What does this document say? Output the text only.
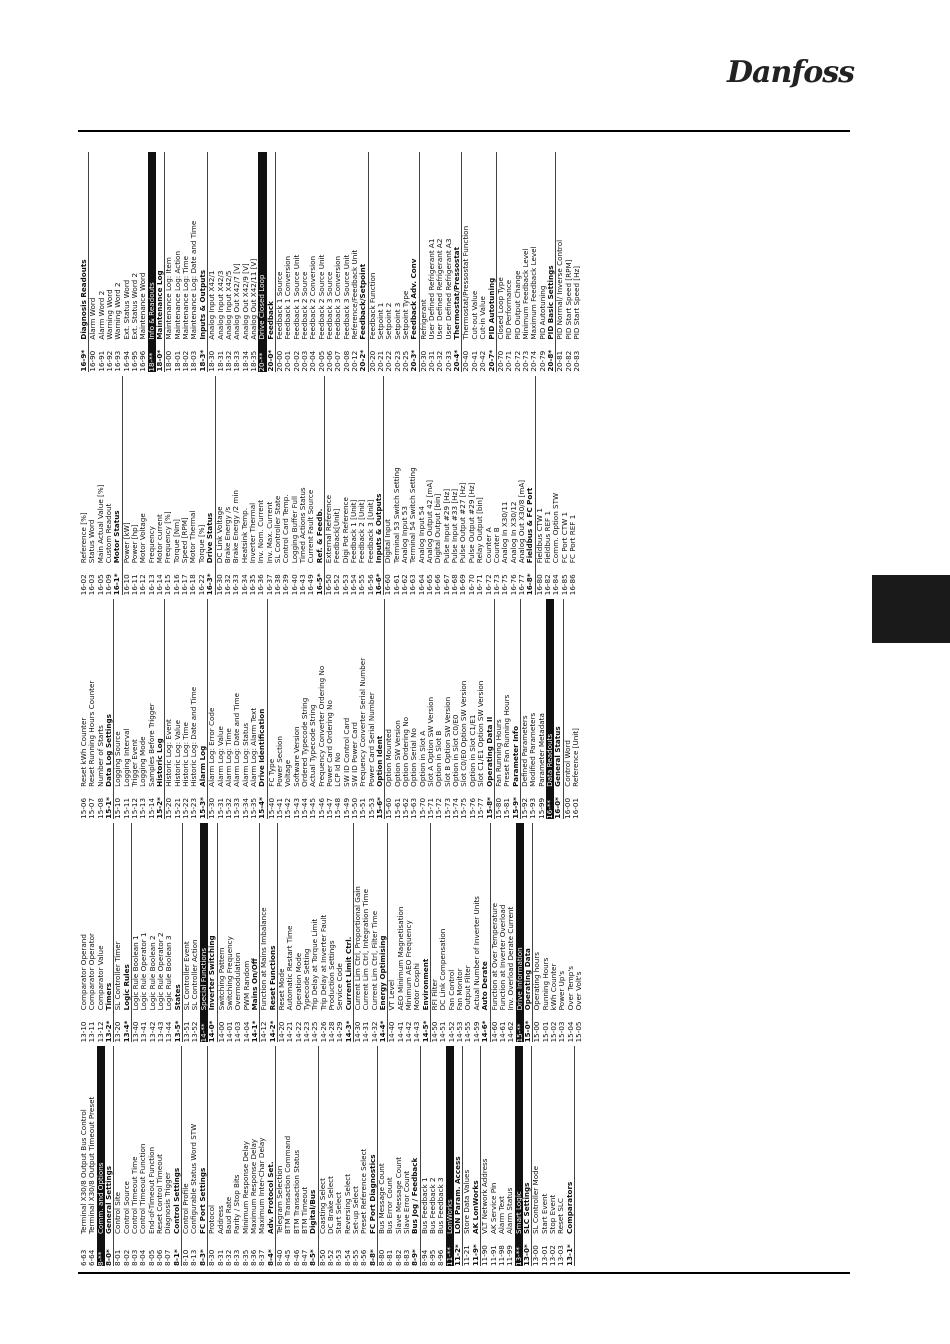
Danfoss
6-63
Terminal X30/8 Output Bus Control
6-64
Terminal X30/8 Output Timeout Preset
8-**
Comm. and Options
8-0*
General Settings
8-01
Control Site
8-02
Control Source
8-03
Control Timeout Time
8-04
Control Timeout Function
8-05
End-of-Timeout Function
8-06
Reset Control Timeout
8-07
Diagnosis Trigger
8-1*
Control Settings
8-10
Control Profile
8-13
Configurable Status Word STW
8-3*
FC Port Settings
8-30
Protocol
8-31
Address
8-32
Baud Rate
8-33
Parity / Stop Bits
8-35
Minimum Response Delay
8-36
Maximum Response Delay
8-37
Maximum Inter-Char Delay
8-4*
Adv. Protocol Set.
8-40
Telegram Selection
8-45
BTM Transaction Command
8-46
BTM Transaction Status
8-47
BTM Timeout
8-5*
Digital/Bus
8-50
Coasting Select
8-52
DC Brake Select
8-53
Start Select
8-54
Reversing Select
8-55
Set-up Select
8-56
Preset Reference Select
8-8*
FC Port Diagnostics
8-80
Bus Message Count
8-81
Bus Error Count
8-82
Slave Message Count
8-83
Slave Error Count
8-9*
Bus Jog / Feedback
8-94
Bus Feedback 1
8-95
Bus Feedback 2
8-96
Bus Feedback 3
11-**
LonWorks
11-2*
LON Param. Access
11-21
Store Data Values
11-9*
AK LonWorks
11-90
VLT Network Address
11-91
AK Service Pin
11-98
Alarm Text
11-99
Alarm Status
13-**
Smart Logic
13-0*
SLC Settings
13-00
SL Controller Mode
13-01
Start Event
13-02
Stop Event
13-03
Reset SLC
13-1*
Comparators
13-10
Comparator Operand
13-11
Comparator Operator
13-12
Comparator Value
13-2*
Timers
13-20
SL Controller Timer
13-4*
Logic Rules
13-40
Logic Rule Boolean 1
13-41
Logic Rule Operator 1
13-42
Logic Rule Boolean 2
13-43
Logic Rule Operator 2
13-44
Logic Rule Boolean 3
13-5*
States
13-51
SL Controller Event
13-52
SL Controller Action
14-**
Special Functions
14-0*
Inverter Switching
14-00
Switching Pattern
14-01
Switching Frequency
14-03
Overmodulation
14-04
PWM Random
14-1*
Mains On/Off
14-12
Function at Mains Imbalance
14-2*
Reset Functions
14-20
Reset Mode
14-21
Automatic Restart Time
14-22
Operation Mode
14-23
Typecode Setting
14-25
Trip Delay at Torque Limit
14-26
Trip Delay at Inverter Fault
14-28
Production Settings
14-29
Service Code
14-3*
Current Limit Ctrl.
14-30
Current Lim Ctrl, Proportional Gain
14-31
Current Lim Ctrl, Integration Time
14-32
Current Lim Ctrl, Filter Time
14-4*
Energy Optimising
14-40
VT Level
14-41
AEO Minimum Magnetisation
14-42
Minimum AEO Frequency
14-43
Motor Cosphi
14-5*
Environment
14-50
RFI Filter
14-51
DC Link Compensation
14-52
Fan Control
14-53
Fan Monitor
14-55
Output Filter
14-59
Actual Number of Inverter Units
14-6*
Auto Derate
14-60
Function at Over Temperature
14-61
Function at Inverter Overload
14-62
Inv. Overload Derate Current
15-**
Drive Information
15-0*
Operating Data
15-00
Operating hours
15-01
Running Hours
15-02
kWh Counter
15-03
Power Up's
15-04
Over Temp's
15-05
Over Volt's
15-06
Reset kWh Counter
15-07
Reset Running Hours Counter
15-08
Number of Starts
15-1*
Data Log Settings
15-10
Logging Source
15-11
Logging Interval
15-12
Trigger Event
15-13
Logging Mode
15-14
Samples Before Trigger
15-2*
Historic Log
15-20
Historic Log: Event
15-21
Historic Log: Value
15-22
Historic Log: Time
15-23
Historic Log: Date and Time
15-3*
Alarm Log
15-30
Alarm Log: Error Code
15-31
Alarm Log: Value
15-32
Alarm Log: Time
15-33
Alarm Log: Date and Time
15-34
Alarm Log: Status
15-35
Alarm Log: Alarm Text
15-4*
Drive Identification
15-40
FC Type
15-41
Power Section
15-42
Voltage
15-43
Software Version
15-44
Ordered Typecode String
15-45
Actual Typecode String
15-46
Frequency Converter Ordering No
15-47
Power Card Ordering No
15-48
LCP Id No
15-49
SW ID Control Card
15-50
SW ID Power Card
15-51
Frequency Converter Serial Number
15-53
Power Card Serial Number
15-6*
Option Ident
15-60
Option Mounted
15-61
Option SW Version
15-62
Option Ordering No
15-63
Option Serial No
15-70
Option in Slot A
15-71
Slot A Option SW Version
15-72
Option in Slot B
15-73
Slot B Option SW Version
15-74
Option in Slot C0/E0
15-75
Slot C0/E0 Option SW Version
15-76
Option in Slot C1/E1
15-77
Slot C1/E1 Option SW Version
15-8*
Operating Data II
15-80
Fan Running Hours
15-81
Preset Fan Running Hours
15-9*
Parameter Info
15-92
Defined Parameters
15-93
Modified Parameters
15-99
Parameter Metadata
16-**
Data Readouts
16-0*
General Status
16-00
Control Word
16-01
Reference [Unit]
16-02
Reference [%]
16-03
Status Word
16-05
Main Actual Value [%]
16-09
Custom Readout
16-1*
Motor Status
16-10
Power [kW]
16-11
Power [hp]
16-12
Motor Voltage
16-13
Frequency
16-14
Motor current
16-15
Frequency [%]
16-16
Torque [Nm]
16-17
Speed [RPM]
16-18
Motor Thermal
16-22
Torque [%]
16-3*
Drive Status
16-30
DC Link Voltage
16-32
Brake Energy /s
16-33
Brake Energy /2 min
16-34
Heatsink Temp.
16-35
Inverter Thermal
16-36
Inv. Nom. Current
16-37
Inv. Max. Current
16-38
SL Controller State
16-39
Control Card Temp.
16-40
Logging Buffer Full
16-43
Timed Actions Status
16-49
Current Fault Source
16-5*
Ref. & Feedb.
16-50
External Reference
16-52
Feedback[Unit]
16-53
Digi Pot Reference
16-54
Feedback 1 [Unit]
16-55
Feedback 2 [Unit]
16-56
Feedback 3 [Unit]
16-6*
Inputs & Outputs
16-60
Digital Input
16-61
Terminal 53 Switch Setting
16-62
Analog Input 53
16-63
Terminal 54 Switch Setting
16-64
Analog Input 54
16-65
Analog Output 42 [mA]
16-66
Digital Output [bin]
16-67
Pulse Input #29 [Hz]
16-68
Pulse Input #33 [Hz]
16-69
Pulse Output #27 [Hz]
16-70
Pulse Output #29 [Hz]
16-71
Relay Output [bin]
16-72
Counter A
16-73
Counter B
16-75
Analog In X30/11
16-76
Analog In X30/12
16-77
Analog Out X30/8 [mA]
16-8*
Fieldbus & FC Port
16-80
Fieldbus CTW 1
16-82
Fieldbus REF 1
16-84
Comm. Option STW
16-85
FC Port CTW 1
16-86
FC Port REF 1
16-9*
Diagnosis Readouts
16-90
Alarm Word
16-91
Alarm Word 2
16-92
Warning Word
16-93
Warning Word 2
16-94
Ext. Status Word
16-95
Ext. Status Word 2
16-96
Maintenance Word
18-**
Info & Readouts
18-0*
Maintenance Log
18-00
Maintenance Log: Item
18-01
Maintenance Log: Action
18-02
Maintenance Log: Time
18-03
Maintenance Log: Date and Time
18-3*
Inputs & Outputs
18-30
Analog Input X42/1
18-31
Analog Input X42/3
18-32
Analog Input X42/5
18-33
Analog Out X42/7 [V]
18-34
Analog Out X42/9 [V]
18-35
Analog Out X42/11 [V]
20-**
Drive Closed Loop
20-0*
Feedback
20-00
Feedback 1 Source
20-01
Feedback 1 Conversion
20-02
Feedback 1 Source Unit
20-03
Feedback 2 Source
20-04
Feedback 2 Conversion
20-05
Feedback 2 Source Unit
20-06
Feedback 3 Source
20-07
Feedback 3 Conversion
20-08
Feedback 3 Source Unit
20-12
Reference/Feedback Unit
20-2*
Feedback/Setpoint
20-20
Feedback Function
20-21
Setpoint 1
20-22
Setpoint 2
20-23
Setpoint 3
20-25
Setpoint Type
20-3*
Feedback Adv. Conv
20-30
Refrigerant
20-31
User Defined Refrigerant A1
20-32
User Defined Refrigerant A2
20-33
User Defined Refrigerant A3
20-4*
Thermostat/Pressostat
20-40
Thermostat/Pressostat Function
20-41
Cut-out Value
20-42
Cut-in Value
20-7*
PID Autotuning
20-70
Closed Loop Type
20-71
PID Performance
20-72
PID Output Change
20-73
Minimum Feedback Level
20-74
Maximum Feedback Level
20-79
PID Autotuning
20-8*
PID Basic Settings
20-81
PID Normal/ Inverse Control
20-82
PID Start Speed [RPM]
20-83
PID Start Speed [Hz]
